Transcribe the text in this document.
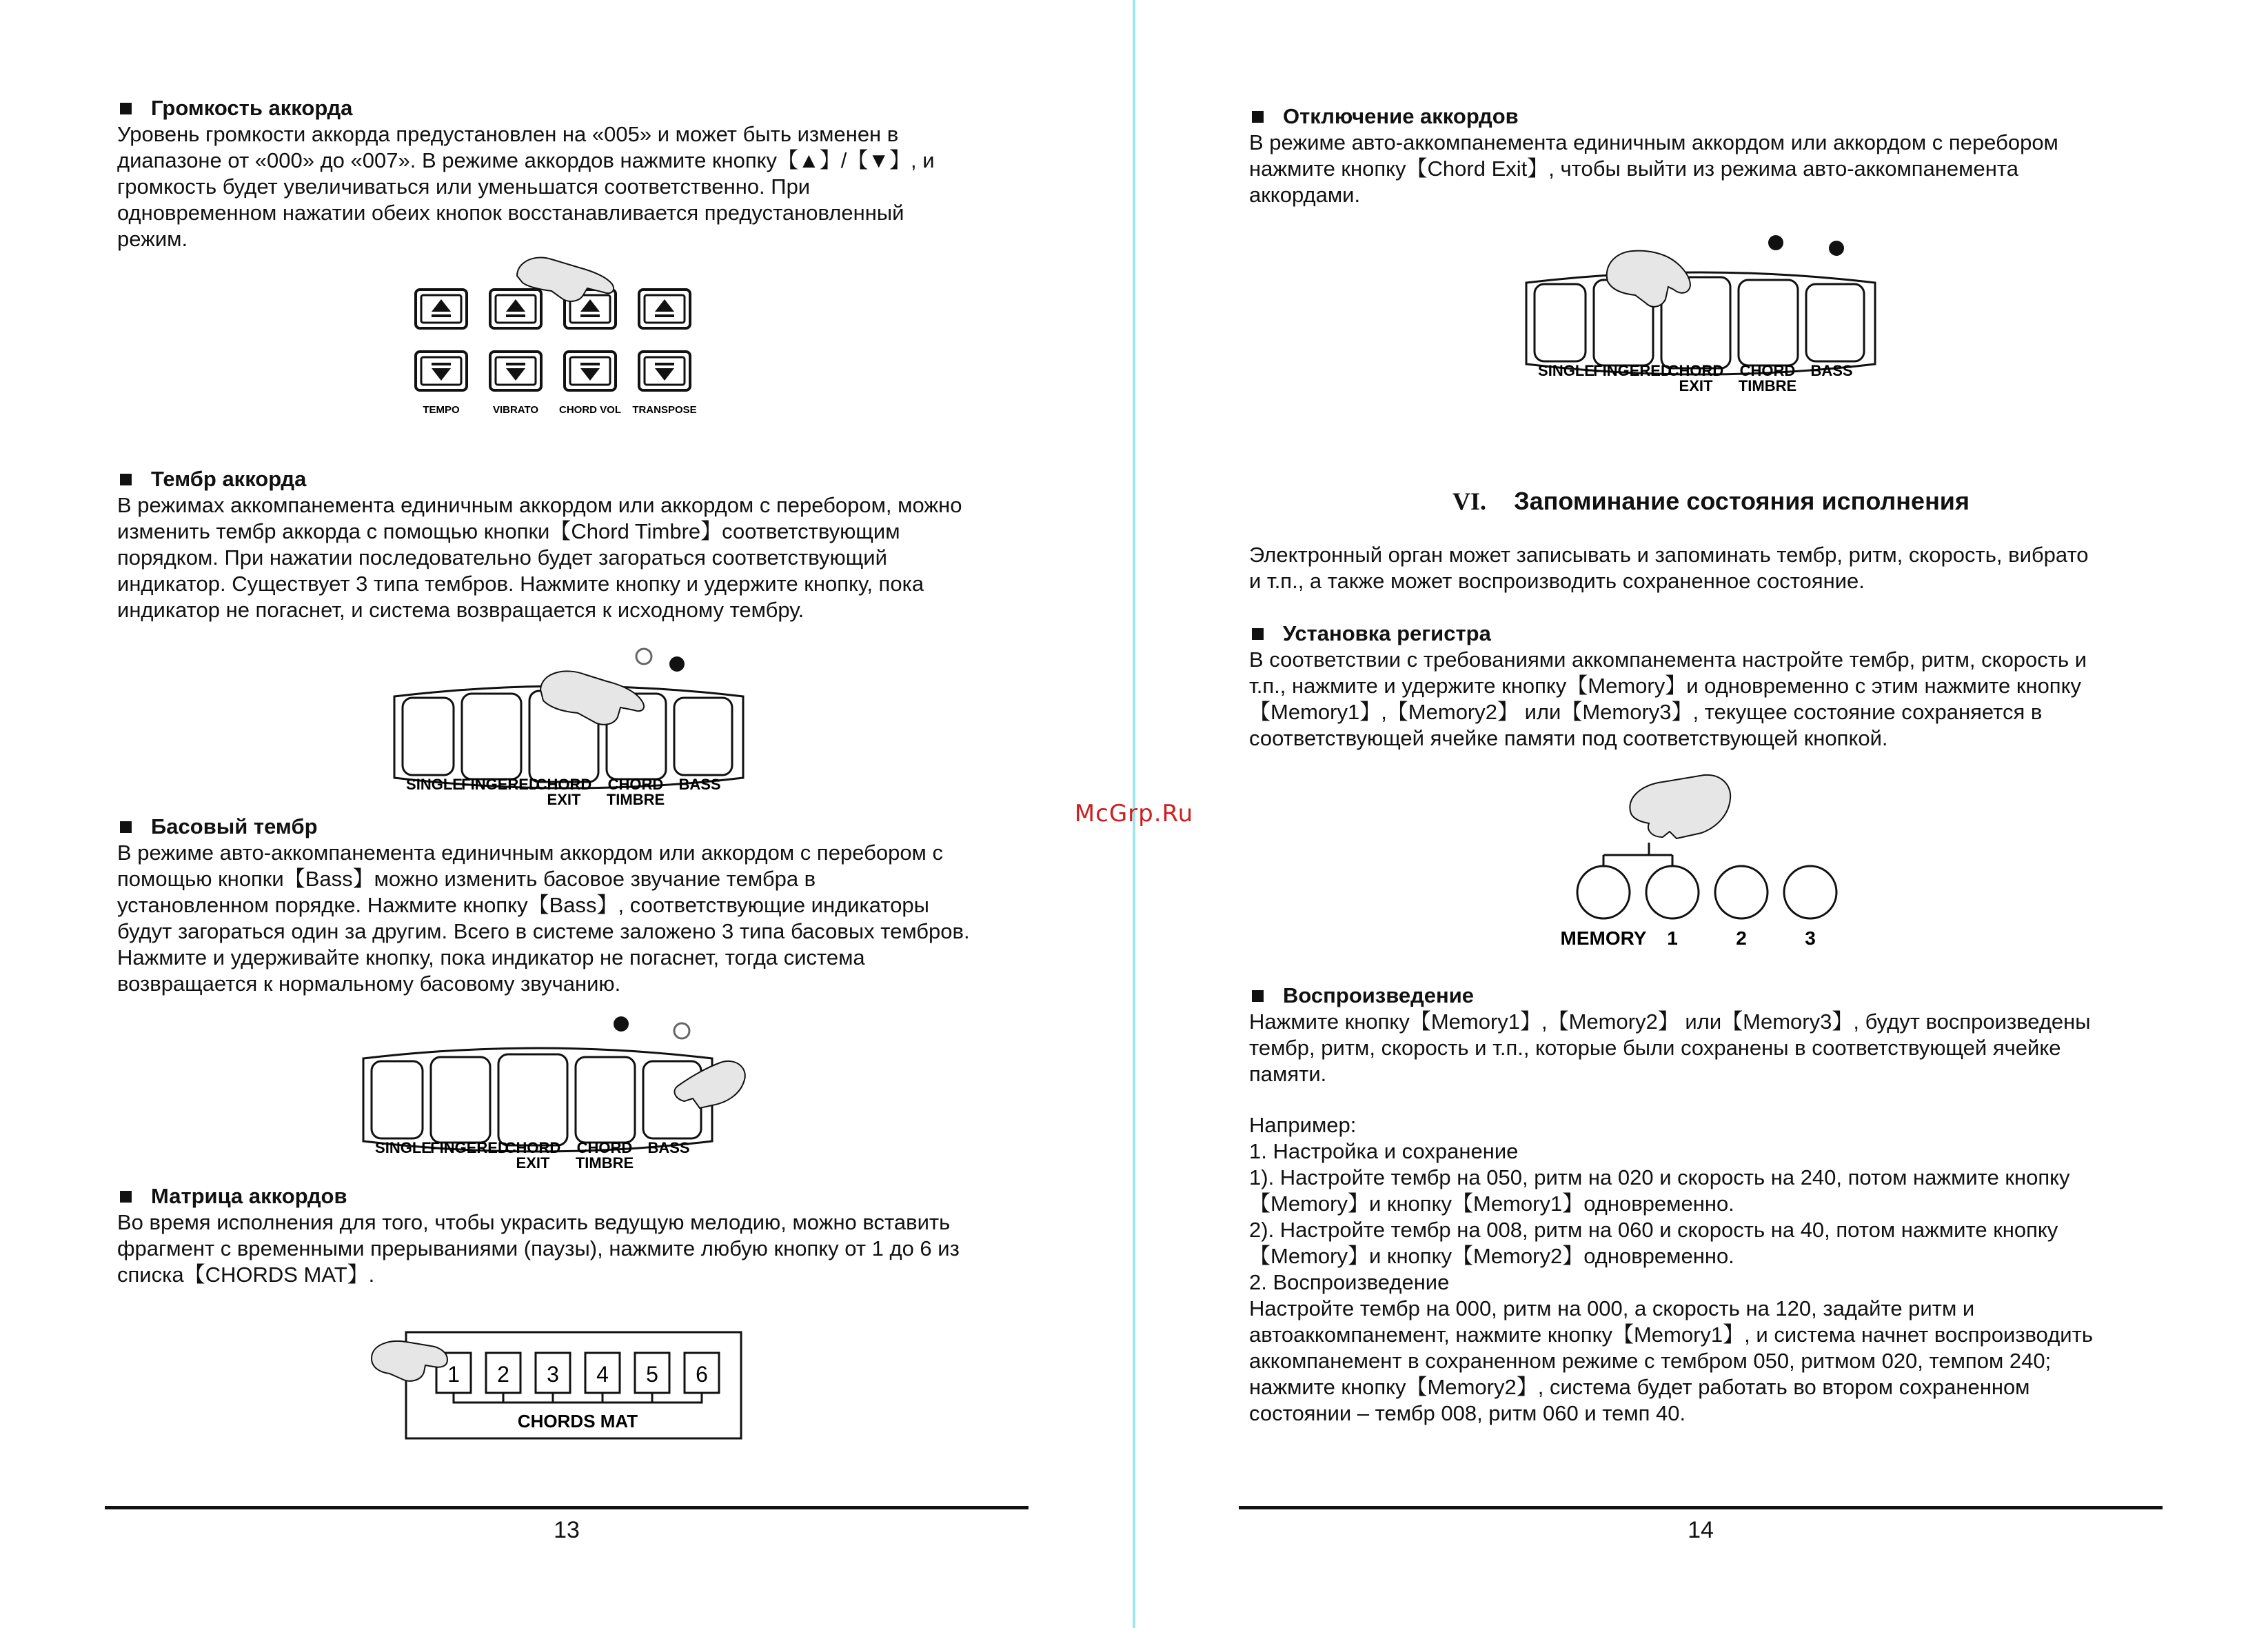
Громкость аккорда

Уровень громкости аккорда предустановлен на «005» и может быть изменен в
диапазоне от «000» до «007». В режиме аккордов нажмите кнопку【▲】/【▼】, и
громкость будет увеличиваться или уменьшатся соответственно. При
одновременном нажатии обеих кнопок восстанавливается предустановленный
режим.

TEMPO	VIBRATO CHORD VOL TRANSPOSE

Тембр аккорда

В режимах аккомпанемента единичным аккордом или аккордом с перебором, можно
изменить тембр аккорда с помощью кнопки【Chord Timbre】соответствующим
порядком. При нажатии последовательно будет загораться соответствующий
индикатор. Существует 3 типа тембров. Нажмите кнопку и удержите кнопку, пока
индикатор не погаснет, и система возвращается к исходному тембру.

SINGLE
FINGERED
CHORD
EXIT
CHORD
TIMBRE
BASS

Басовый тембр

В режиме авто-аккомпанемента единичным аккордом или аккордом с перебором с
помощью кнопки【Bass】можно изменить басовое звучание тембра в
установленном порядке. Нажмите кнопку【Bass】, соответствующие индикаторы
будут загораться один за другим. Всего в системе заложено 3 типа басовых тембров.
Нажмите и удерживайте кнопку, пока индикатор не погаснет, тогда система
возвращается к нормальному басовому звучанию.

SINGLE
FINGERED
CHORD
EXIT
CHORD
TIMBRE
BASS

Матрица аккордов

Во время исполнения для того, чтобы украсить ведущую мелодию, можно вставить
фрагмент с временными прерываниями (паузы), нажмите любую кнопку от 1 до 6 из
списка【CHORDS MAT】.

1 2 3 4 5 6
CHORDS MAT
13

Отключение аккордов

В режиме авто-аккомпанемента единичным аккордом или аккордом с перебором
нажмите кнопку【Chord Exit】, чтобы выйти из режима авто-аккомпанемента
аккордами.

SINGLE
FINGERED
CHORD
EXIT
CHORD
TIMBRE
BASS
VI. Запоминание состояния исполнения

Электронный орган может записывать и запоминать тембр, ритм, скорость, вибрато
и т.п., а также может воспроизводить сохраненное состояние.

Установка регистра

В соответствии с требованиями аккомпанемента настройте тембр, ритм, скорость и
т.п., нажмите и удержите кнопку【Memory】и одновременно с этим нажмите кнопку
【Memory1】,【Memory2】 или【Memory3】, текущее состояние сохраняется в
соответствующей ячейке памяти под соответствующей кнопкой.

MEMORY 1	2	3

Воспроизведение

Нажмите кнопку【Memory1】,【Memory2】 или【Memory3】, будут воспроизведены
тембр, ритм, скорость и т.п., которые были сохранены в соответствующей ячейке
памяти.

Например:
1. Настройка и сохранение
1). Настройте тембр на 050, ритм на 020 и скорость на 240, потом нажмите кнопку
【Memory】и кнопку【Memory1】одновременно.
2). Настройте тембр на 008, ритм на 060 и скорость на 40, потом нажмите кнопку
【Memory】и кнопку【Memory2】одновременно.
2. Воспроизведение
Настройте тембр на 000, ритм на 000, а скорость на 120, задайте ритм и
автоаккомпанемент, нажмите кнопку【Memory1】, и система начнет воспроизводить
аккомпанемент в сохраненном режиме с тембром 050, ритмом 020, темпом 240;
нажмите кнопку【Memory2】, система будет работать во втором сохраненном
состоянии – тембр 008, ритм 060 и темп 40.

14
McGrp.Ru
